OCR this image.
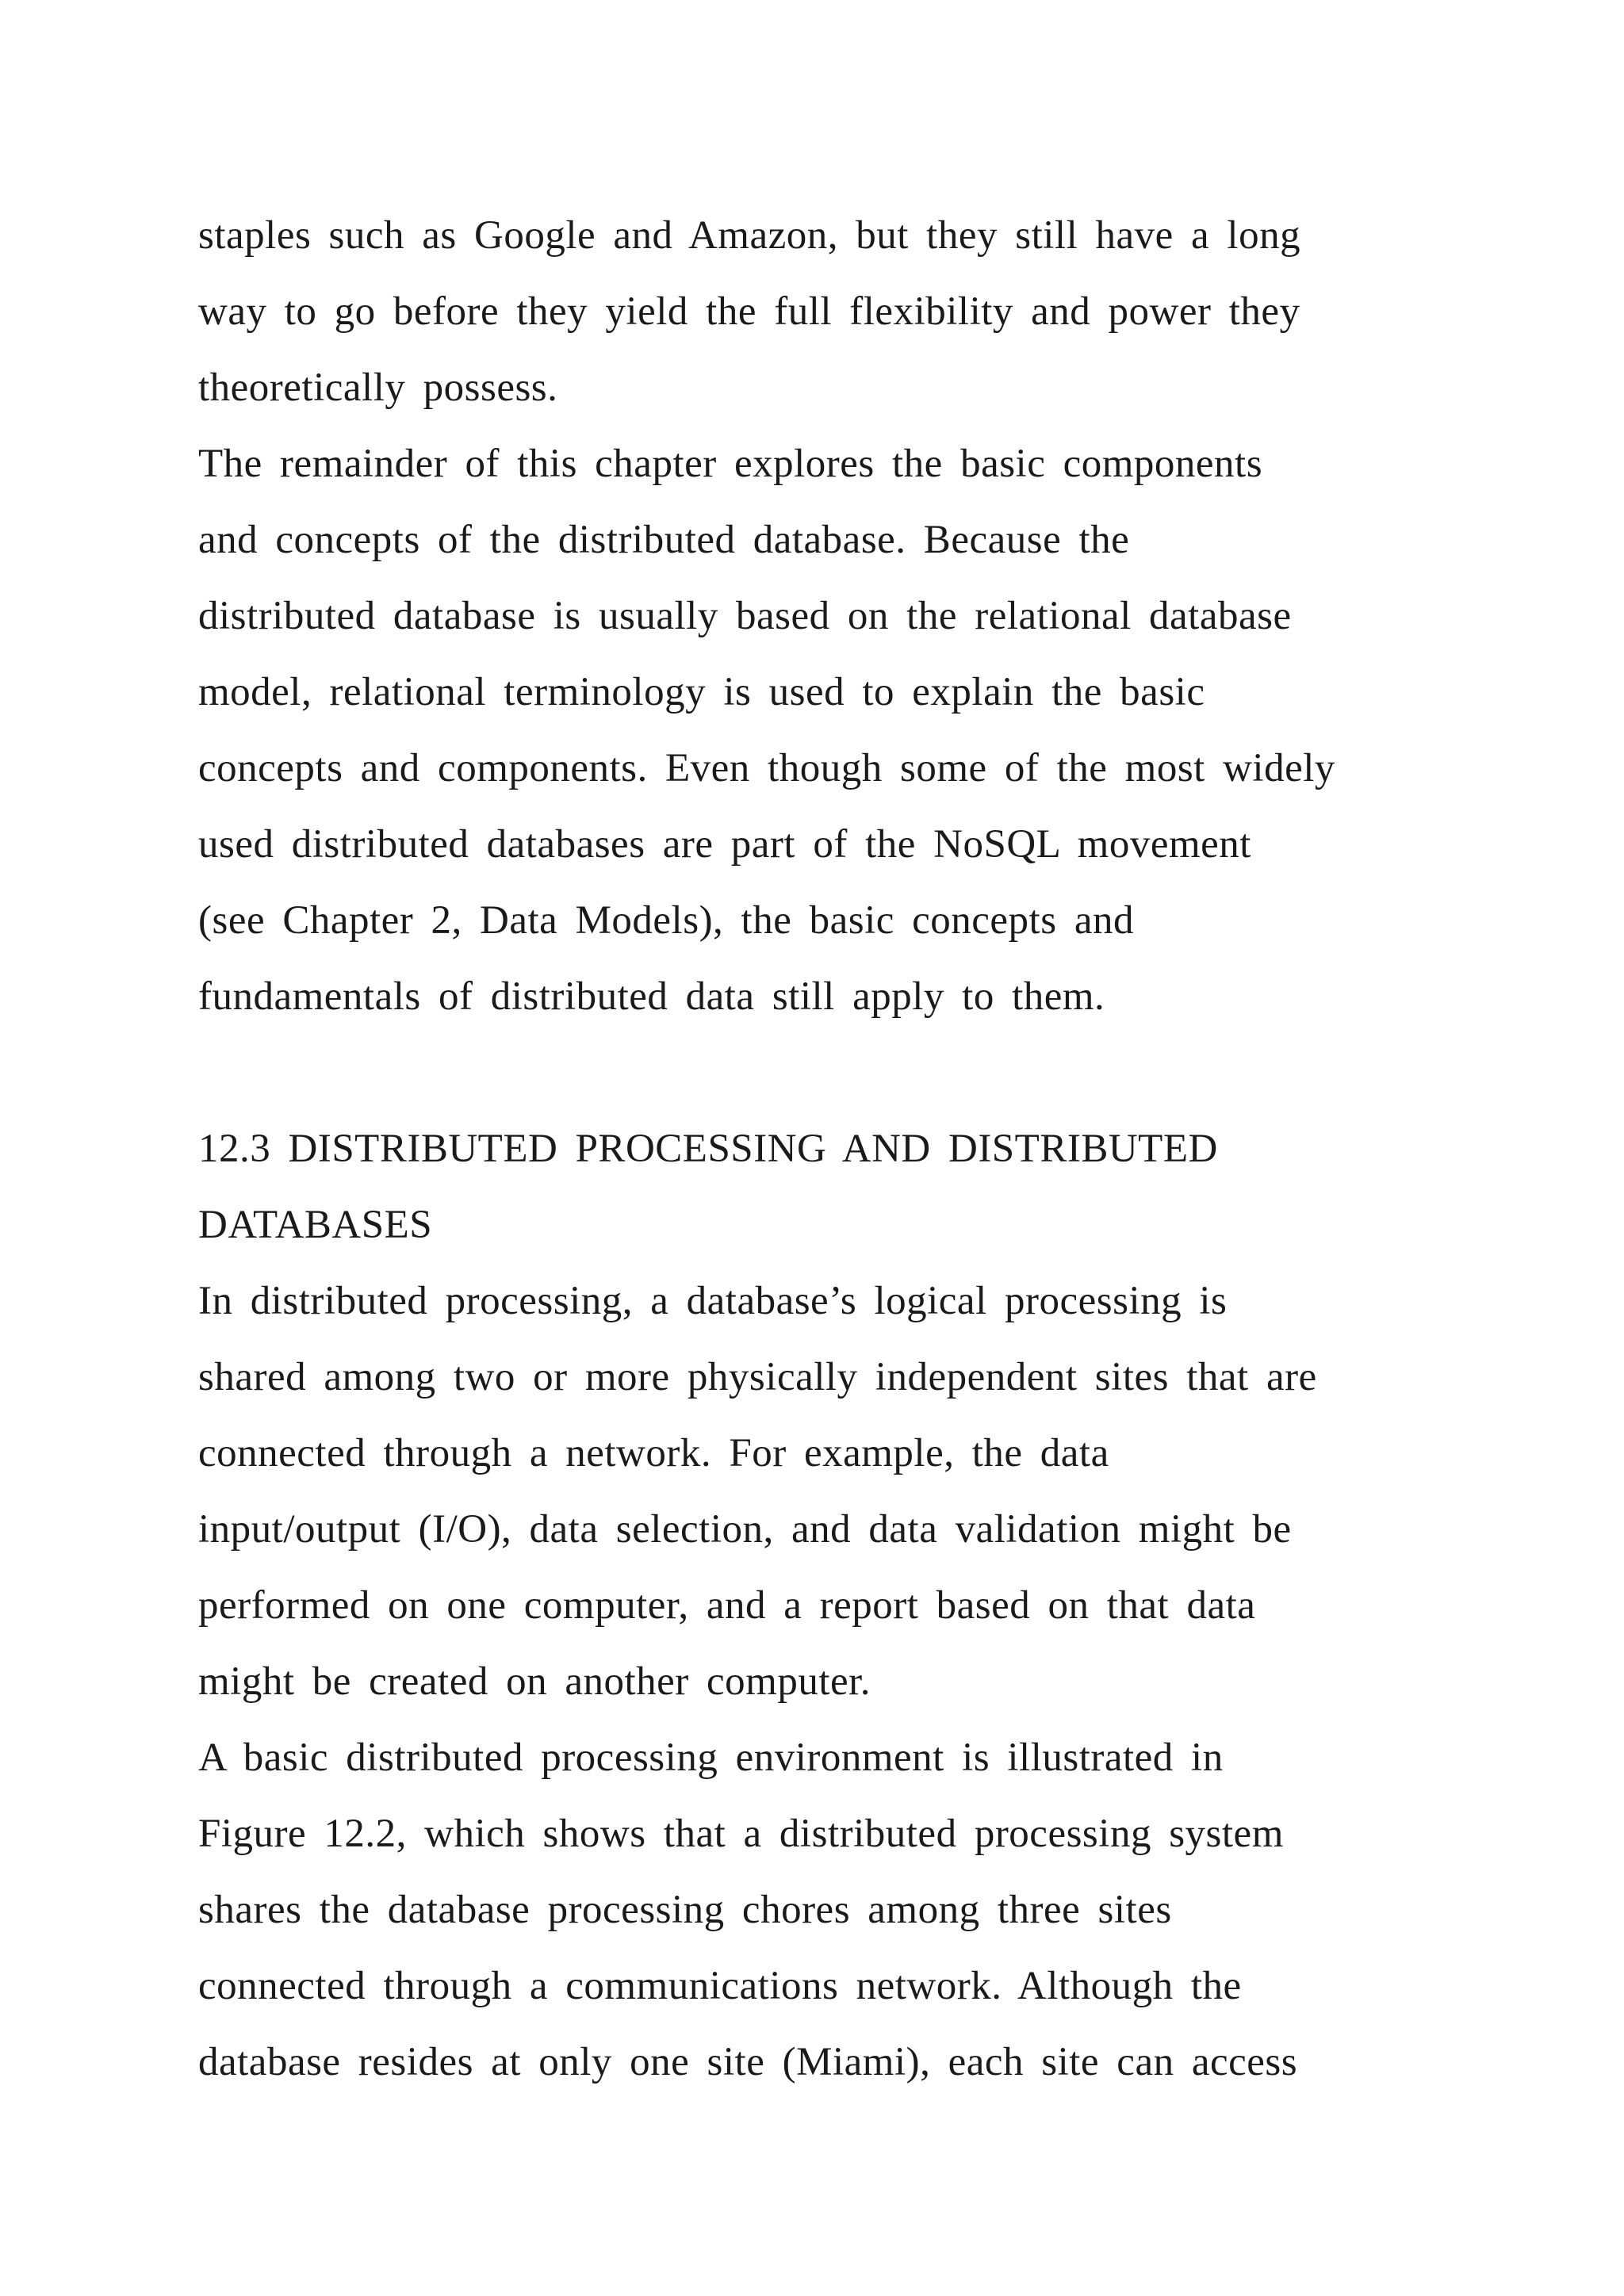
staples such as Google and Amazon, but they still have a long
way to go before they yield the full flexibility and power they
theoretically possess.
The remainder of this chapter explores the basic components
and concepts of the distributed database. Because the
distributed database is usually based on the relational database
model, relational terminology is used to explain the basic
concepts and components. Even though some of the most widely
used distributed databases are part of the NoSQL movement
(see Chapter 2, Data Models), the basic concepts and
fundamentals of distributed data still apply to them.
12.3 DISTRIBUTED PROCESSING AND DISTRIBUTED
DATABASES
In distributed processing, a database’s logical processing is
shared among two or more physically independent sites that are
connected through a network. For example, the data
input/output (I/O), data selection, and data validation might be
performed on one computer, and a report based on that data
might be created on another computer.
A basic distributed processing environment is illustrated in
Figure 12.2, which shows that a distributed processing system
shares the database processing chores among three sites
connected through a communications network. Although the
database resides at only one site (Miami), each site can access
